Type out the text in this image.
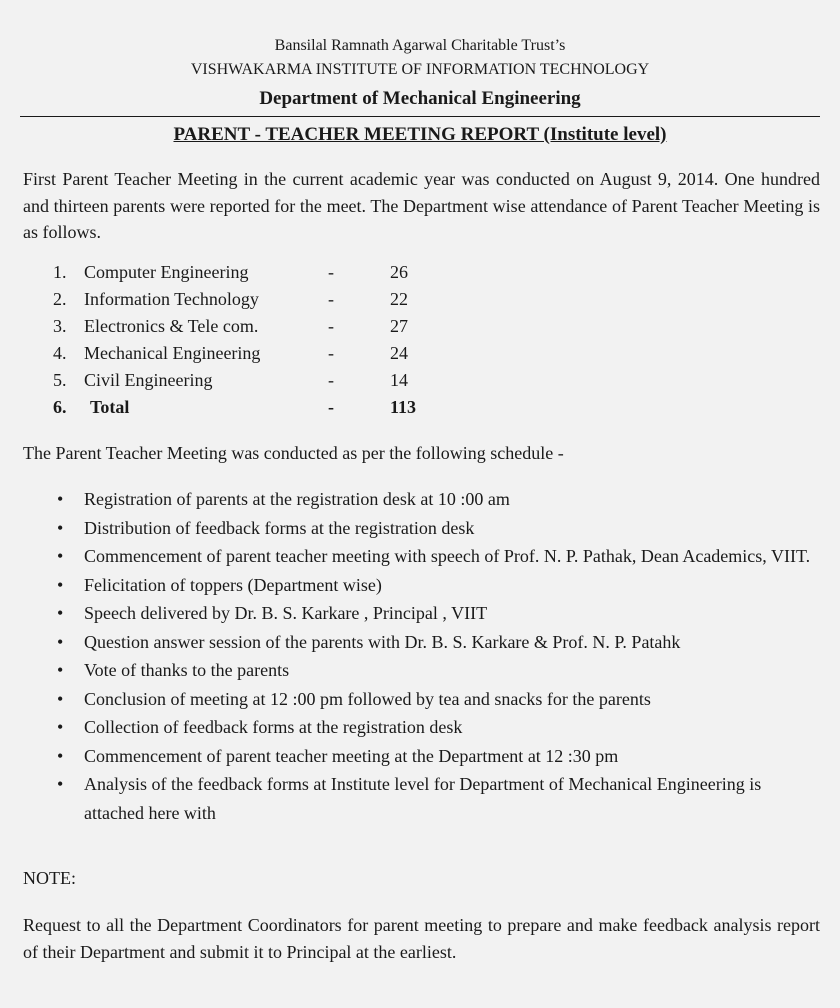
Bansilal Ramnath Agarwal Charitable Trust’s
VISHWAKARMA INSTITUTE OF INFORMATION TECHNOLOGY
Department of Mechanical Engineering
PARENT - TEACHER MEETING REPORT (Institute level)
First Parent Teacher Meeting in the current academic year was conducted on August 9, 2014. One hundred and thirteen parents were reported for the meet. The Department wise attendance of Parent Teacher Meeting is as follows.
1. Computer Engineering	-	26
2. Information Technology	-	22
3. Electronics & Tele com.	-	27
4. Mechanical Engineering	-	24
5. Civil Engineering	-	14
6. Total	-	113
The Parent Teacher Meeting was conducted as per the following schedule -
• Registration of parents at the registration desk at 10 :00 am
• Distribution of feedback forms at the registration desk
• Commencement of parent teacher meeting with speech of Prof. N. P. Pathak, Dean Academics, VIIT.
• Felicitation of toppers (Department wise)
• Speech delivered by Dr. B. S. Karkare , Principal , VIIT
• Question answer session of the parents with Dr. B. S. Karkare & Prof. N. P. Patahk
• Vote of thanks to the parents
• Conclusion of meeting at 12 :00 pm followed by tea and snacks for the parents
• Collection of feedback forms at the registration desk
• Commencement of parent teacher meeting at the Department at 12 :30 pm
• Analysis of the feedback forms at Institute level for Department of Mechanical Engineering is attached here with
NOTE:
Request to all the Department Coordinators for parent meeting to prepare and make feedback analysis report of their Department and submit it to Principal at the earliest.
